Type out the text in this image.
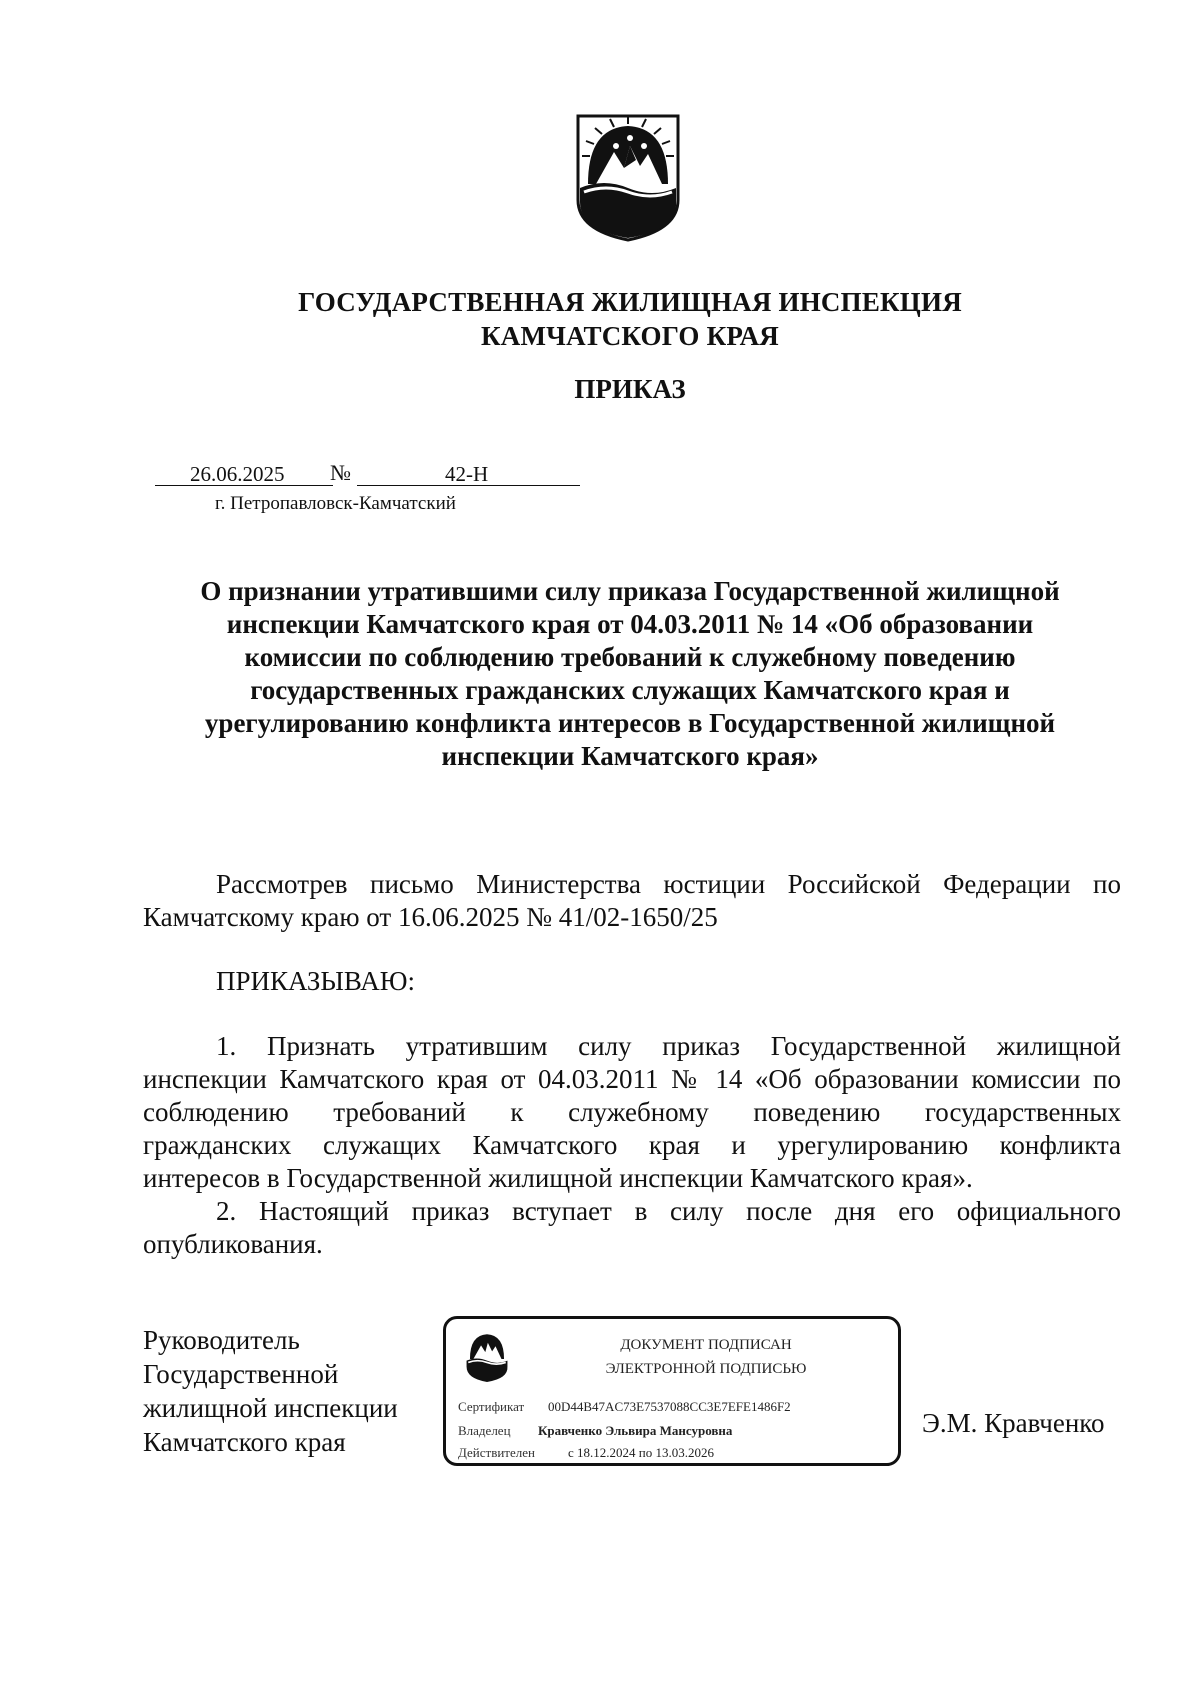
ГОСУДАРСТВЕННАЯ ЖИЛИЩНАЯ ИНСПЕКЦИЯ
КАМЧАТСКОГО КРАЯ
ПРИКАЗ
26.06.2025 №	42-Н
г. Петропавловск-Камчатский
О признании утратившими силу приказа Государственной жилищной
инспекции Камчатского края от 04.03.2011 № 14 «Об образовании
комиссии по соблюдению требований к служебному поведению
государственных гражданских служащих Камчатского края и
урегулированию конфликта интересов в Государственной жилищной
инспекции Камчатского края»
Рассмотрев письмо Министерства юстиции Российской Федерации по
Камчатскому краю от 16.06.2025 № 41/02-1650/25
ПРИКАЗЫВАЮ:
1. Признать утратившим силу приказ Государственной жилищной
инспекции Камчатского края от 04.03.2011 № 14 «Об образовании комиссии по
соблюдению требований к служебному поведению государственных
гражданских служащих Камчатского края и урегулированию конфликта
интересов в Государственной жилищной инспекции Камчатского края».
2. Настоящий приказ вступает в силу после дня его официального
опубликования.
Руководитель
Государственной
жилищной инспекции
Камчатского края
ДОКУМЕНТ ПОДПИСАН
ЭЛЕКТРОННОЙ ПОДПИСЬЮ
Сертификат 00D44B47AC73E7537088CC3E7EFE1486F2
Владелец Кравченко Эльвира Мансуровна
Действителен	с 18.12.2024 по 13.03.2026
Э.М. Кравченко
